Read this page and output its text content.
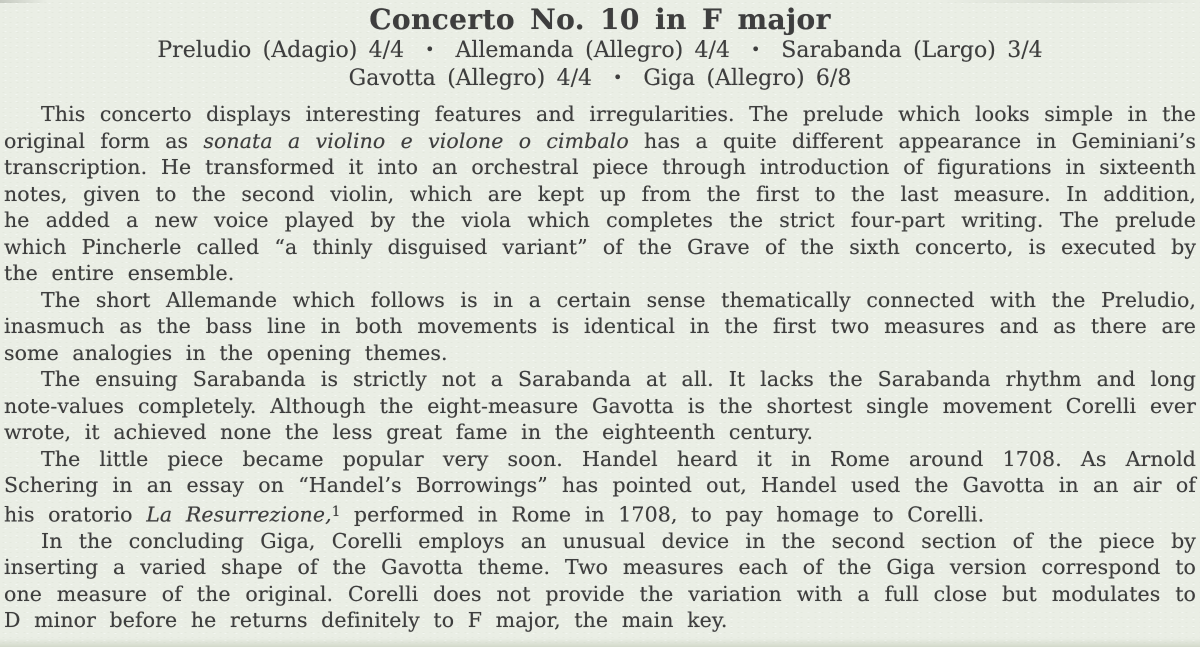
Concerto No. 10 in F major
Preludio (Adagio) 4/4 • Allemanda (Allegro) 4/4 • Sarabanda (Largo) 3/4
Gavotta (Allegro) 4/4 • Giga (Allegro) 6/8

This concerto displays interesting features and irregularities. The prelude which looks simple in the original form as sonata a violino e violone o cimbalo has a quite different appearance in Geminiani’s transcription. He transformed it into an orchestral piece through introduction of figurations in sixteenth notes, given to the second violin, which are kept up from the first to the last measure. In addition, he added a new voice played by the viola which completes the strict four-part writing. The prelude which Pincherle called “a thinly disguised variant” of the Grave of the sixth concerto, is executed by the entire ensemble.

The short Allemande which follows is in a certain sense thematically connected with the Preludio, inasmuch as the bass line in both movements is identical in the first two measures and as there are some analogies in the opening themes.

The ensuing Sarabanda is strictly not a Sarabanda at all. It lacks the Sarabanda rhythm and long note-values completely. Although the eight-measure Gavotta is the shortest single movement Corelli ever wrote, it achieved none the less great fame in the eighteenth century.

The little piece became popular very soon. Handel heard it in Rome around 1708. As Arnold Schering in an essay on “Handel’s Borrowings” has pointed out, Handel used the Gavotta in an air of his oratorio La Resurrezione,$^1$ performed in Rome in 1708, to pay homage to Corelli.

In the concluding Giga, Corelli employs an unusual device in the second section of the piece by inserting a varied shape of the Gavotta theme. Two measures each of the Giga version correspond to one measure of the original. Corelli does not provide the variation with a full close but modulates to D minor before he returns definitely to F major, the main key.
